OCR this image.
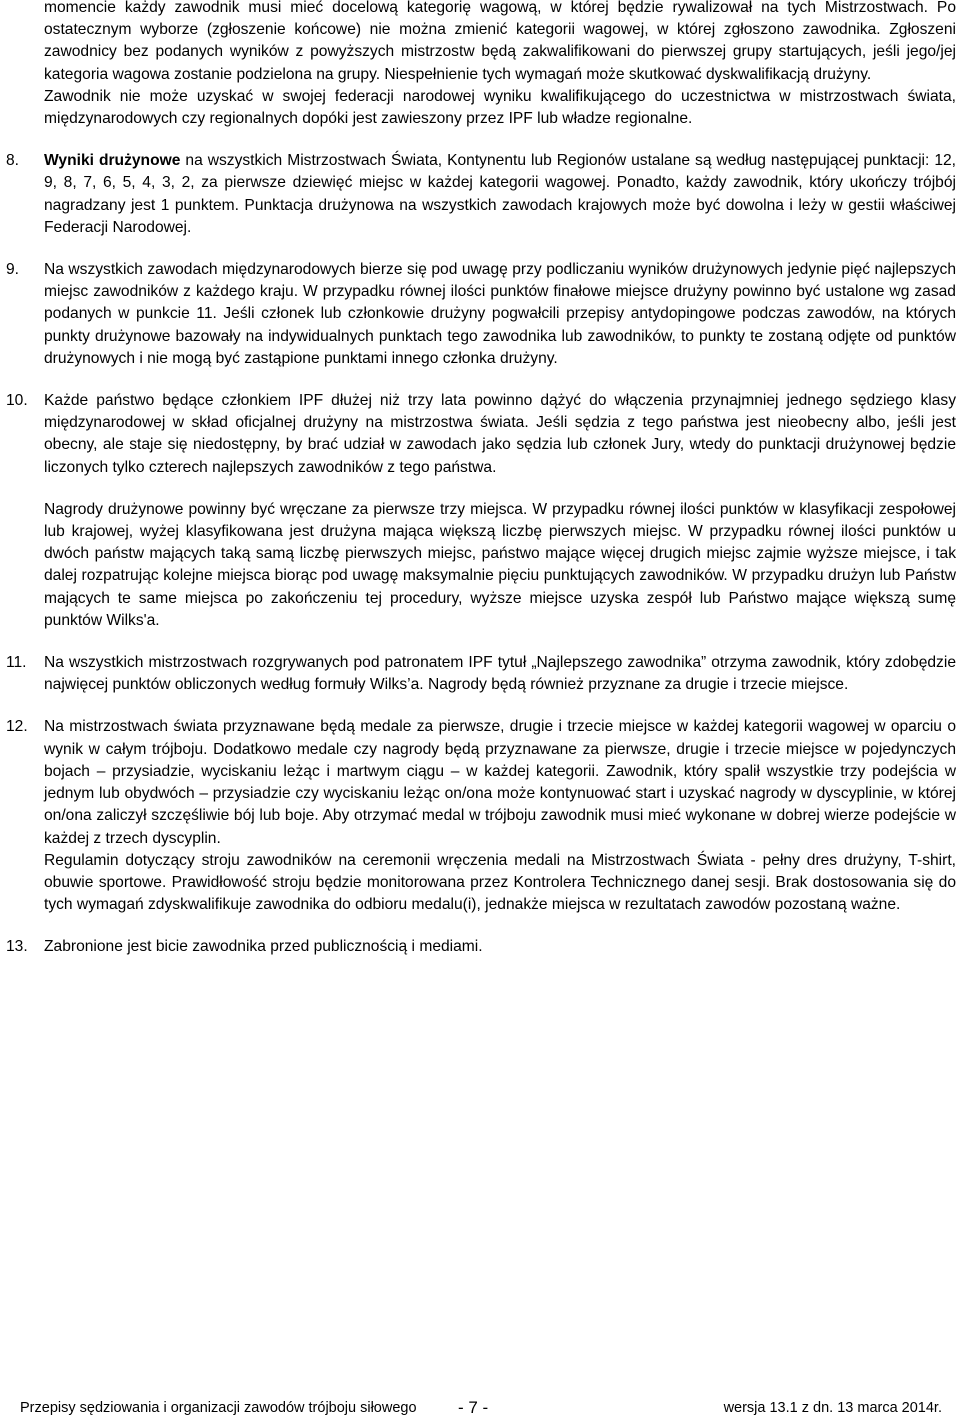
momencie każdy zawodnik musi mieć docelową kategorię wagową, w której będzie rywalizował na tych Mistrzostwach. Po ostatecznym wyborze (zgłoszenie końcowe) nie można zmienić kategorii wagowej, w której zgłoszono zawodnika. Zgłoszeni zawodnicy bez podanych wyników z powyższych mistrzostw będą zakwalifikowani do pierwszej grupy startujących, jeśli jego/jej kategoria wagowa zostanie podzielona na grupy. Niespełnienie tych wymagań może skutkować dyskwalifikacją drużyny.

Zawodnik nie może uzyskać w swojej federacji narodowej wyniku kwalifikującego do uczestnictwa w mistrzostwach świata, międzynarodowych czy regionalnych dopóki jest zawieszony przez IPF lub władze regionalne.

8. Wyniki drużynowe na wszystkich Mistrzostwach Świata, Kontynentu lub Regionów ustalane są według następującej punktacji: 12, 9, 8, 7, 6, 5, 4, 3, 2, za pierwsze dziewięć miejsc w każdej kategorii wagowej. Ponadto, każdy zawodnik, który ukończy trójbój nagradzany jest 1 punktem. Punktacja drużynowa na wszystkich zawodach krajowych może być dowolna i leży w gestii właściwej Federacji Narodowej.

9. Na wszystkich zawodach międzynarodowych bierze się pod uwagę przy podliczaniu wyników drużynowych jedynie pięć najlepszych miejsc zawodników z każdego kraju. W przypadku równej ilości punktów finałowe miejsce drużyny powinno być ustalone wg zasad podanych w punkcie 11. Jeśli członek lub członkowie drużyny pogwałcili przepisy antydopingowe podczas zawodów, na których punkty drużynowe bazowały na indywidualnych punktach tego zawodnika lub zawodników, to punkty te zostaną odjęte od punktów drużynowych i nie mogą być zastąpione punktami innego członka drużyny.

10. Każde państwo będące członkiem IPF dłużej niż trzy lata powinno dążyć do włączenia przynajmniej jednego sędziego klasy międzynarodowej w skład oficjalnej drużyny na mistrzostwa świata. Jeśli sędzia z tego państwa jest nieobecny albo, jeśli jest obecny, ale staje się niedostępny, by brać udział w zawodach jako sędzia lub członek Jury, wtedy do punktacji drużynowej będzie liczonych tylko czterech najlepszych zawodników z tego państwa.

Nagrody drużynowe powinny być wręczane za pierwsze trzy miejsca. W przypadku równej ilości punktów w klasyfikacji zespołowej lub krajowej, wyżej klasyfikowana jest drużyna mająca większą liczbę pierwszych miejsc. W przypadku równej ilości punktów u dwóch państw mających taką samą liczbę pierwszych miejsc, państwo mające więcej drugich miejsc zajmie wyższe miejsce, i tak dalej rozpatrując kolejne miejsca biorąc pod uwagę maksymalnie pięciu punktujących zawodników. W przypadku drużyn lub Państw mających te same miejsca po zakończeniu tej procedury, wyższe miejsce uzyska zespół lub Państwo mające większą sumę punktów Wilks'a.

11. Na wszystkich mistrzostwach rozgrywanych pod patronatem IPF tytuł „Najlepszego zawodnika” otrzyma zawodnik, który zdobędzie najwięcej punktów obliczonych według formuły Wilks’a. Nagrody będą również przyznane za drugie i trzecie miejsce.

12. Na mistrzostwach świata przyznawane będą medale za pierwsze, drugie i trzecie miejsce w każdej kategorii wagowej w oparciu o wynik w całym trójboju. Dodatkowo medale czy nagrody będą przyznawane za pierwsze, drugie i trzecie miejsce w pojedynczych bojach – przysiadzie, wyciskaniu leżąc i martwym ciągu – w każdej kategorii. Zawodnik, który spalił wszystkie trzy podejścia w jednym lub obydwóch – przysiadzie czy wyciskaniu leżąc on/ona może kontynuować start i uzyskać nagrody w dyscyplinie, w której on/ona zaliczył szczęśliwie bój lub boje. Aby otrzymać medal w trójboju zawodnik musi mieć wykonane w dobrej wierze podejście w każdej z trzech dyscyplin.

Regulamin dotyczący stroju zawodników na ceremonii wręczenia medali na Mistrzostwach Świata - pełny dres drużyny, T-shirt, obuwie sportowe. Prawidłowość stroju będzie monitorowana przez Kontrolera Technicznego danej sesji. Brak dostosowania się do tych wymagań zdyskwalifikuje zawodnika do odbioru medalu(i), jednakże miejsca w rezultatach zawodów pozostaną ważne.

13. Zabronione jest bicie zawodnika przed publicznością i mediami.

Przepisy sędziowania i organizacji zawodów trójboju siłowego - 7 -	wersja 13.1 z dn. 13 marca 2014r.
